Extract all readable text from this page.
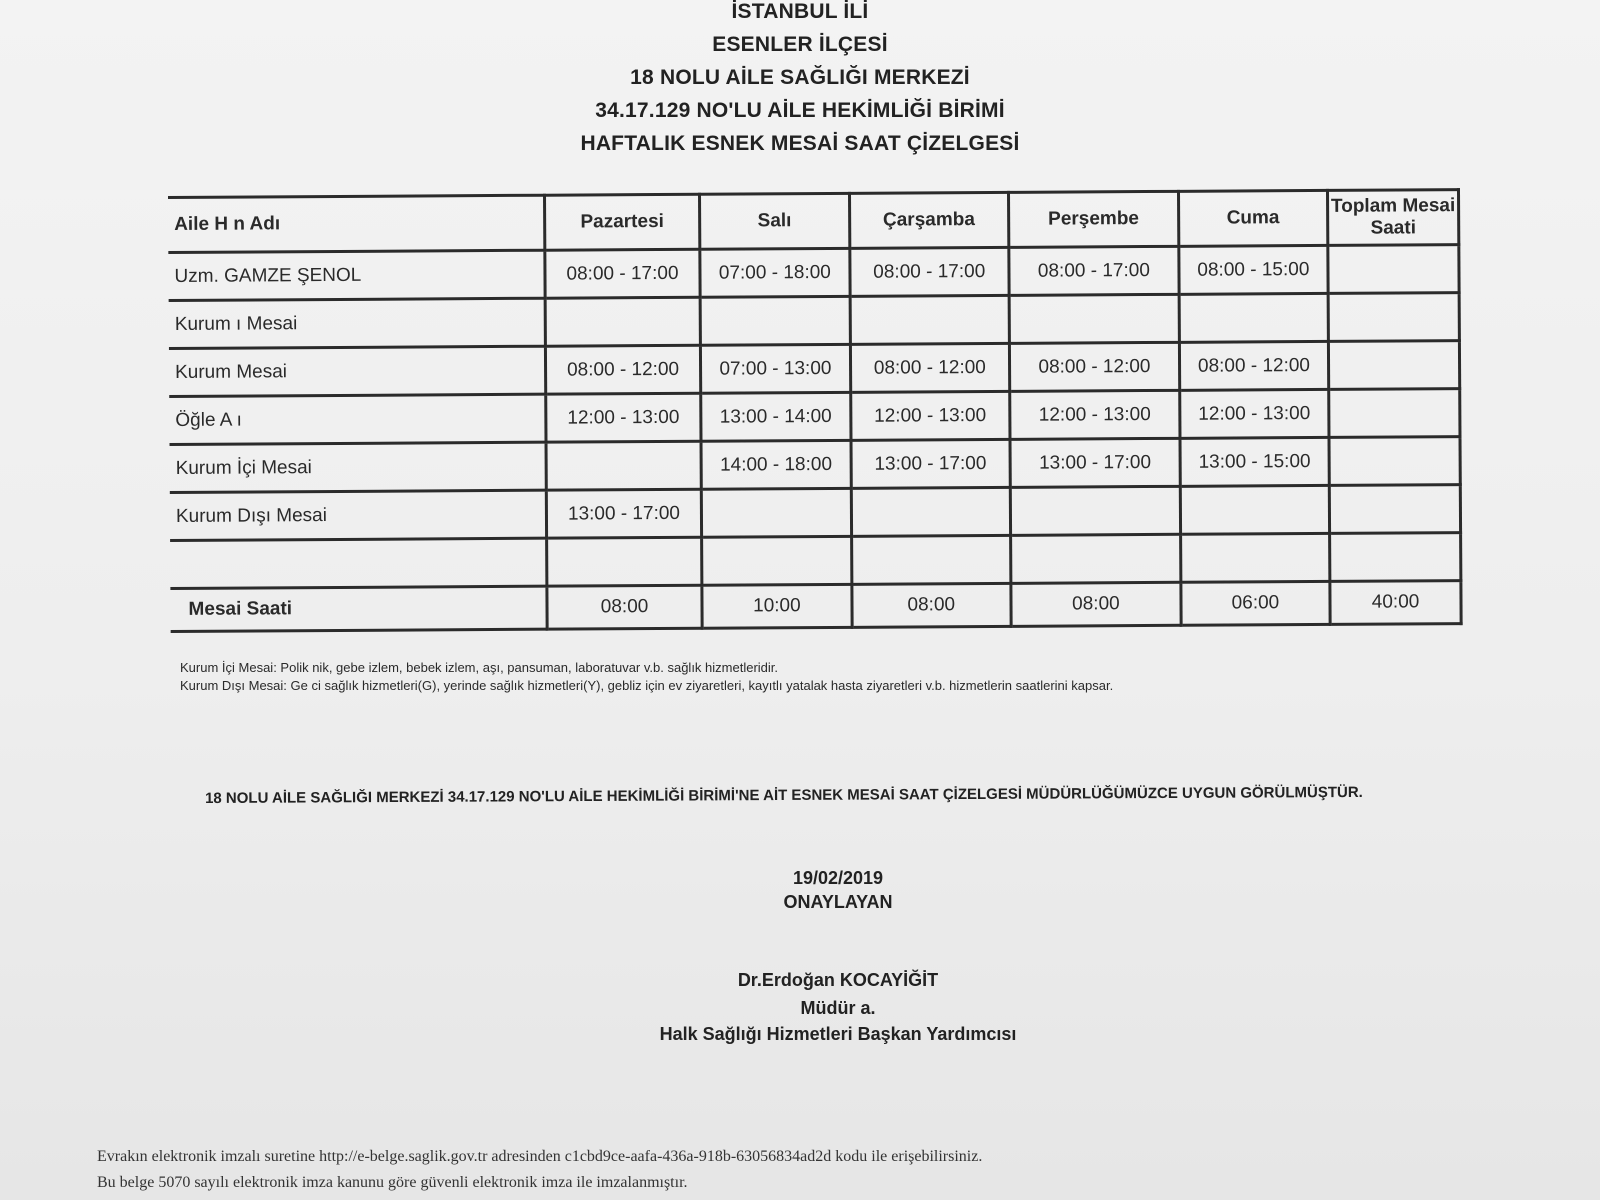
İSTANBUL İLİ
ESENLER İLÇESİ
18 NOLU AİLE SAĞLIĞI MERKEZİ
34.17.129 NO'LU AİLE HEKİMLİĞİ BİRİMİ
HAFTALIK ESNEK MESAİ SAAT ÇİZELGESİ
Aile H n Adı	Pazartesi	Salı	Çarşamba	Perşembe	Cuma	Toplam Mesai Saati
Uzm. GAMZE ŞENOL	08:00 - 17:00	07:00 - 18:00	08:00 - 17:00	08:00 - 17:00	08:00 - 15:00	
Kurum ı Mesai						
Kurum Mesai	08:00 - 12:00	07:00 - 13:00	08:00 - 12:00	08:00 - 12:00	08:00 - 12:00	
Öğle A ı	12:00 - 13:00	13:00 - 14:00	12:00 - 13:00	12:00 - 13:00	12:00 - 13:00	
Kurum İçi Mesai		14:00 - 18:00	13:00 - 17:00	13:00 - 17:00	13:00 - 15:00	
Kurum Dışı Mesai	13:00 - 17:00					

Mesai Saati	08:00	10:00	08:00	08:00	06:00	40:00
Kurum İçi Mesai: Polik nik, gebe izlem, bebek izlem, aşı, pansuman, laboratuvar v.b. sağlık hizmetleridir.
Kurum Dışı Mesai: Ge ci sağlık hizmetleri(G), yerinde sağlık hizmetleri(Y), gebliz için ev ziyaretleri, kayıtlı yatalak hasta ziyaretleri v.b. hizmetlerin saatlerini kapsar.
18 NOLU AİLE SAĞLIĞI MERKEZİ 34.17.129 NO'LU AİLE HEKİMLİĞİ BİRİMİ'NE AİT ESNEK MESAİ SAAT ÇİZELGESİ MÜDÜRLÜĞÜMÜZCE UYGUN GÖRÜLMÜŞTÜR.
19/02/2019
ONAYLAYAN
Dr.Erdoğan KOCAYİĞİT
Müdür a.
Halk Sağlığı Hizmetleri Başkan Yardımcısı
Evrakın elektronik imzalı suretine http://e-belge.saglik.gov.tr adresinden c1cbd9ce-aafa-436a-918b-63056834ad2d kodu ile erişebilirsiniz.
Bu belge 5070 sayılı elektronik imza kanunu göre güvenli elektronik imza ile imzalanmıştır.
